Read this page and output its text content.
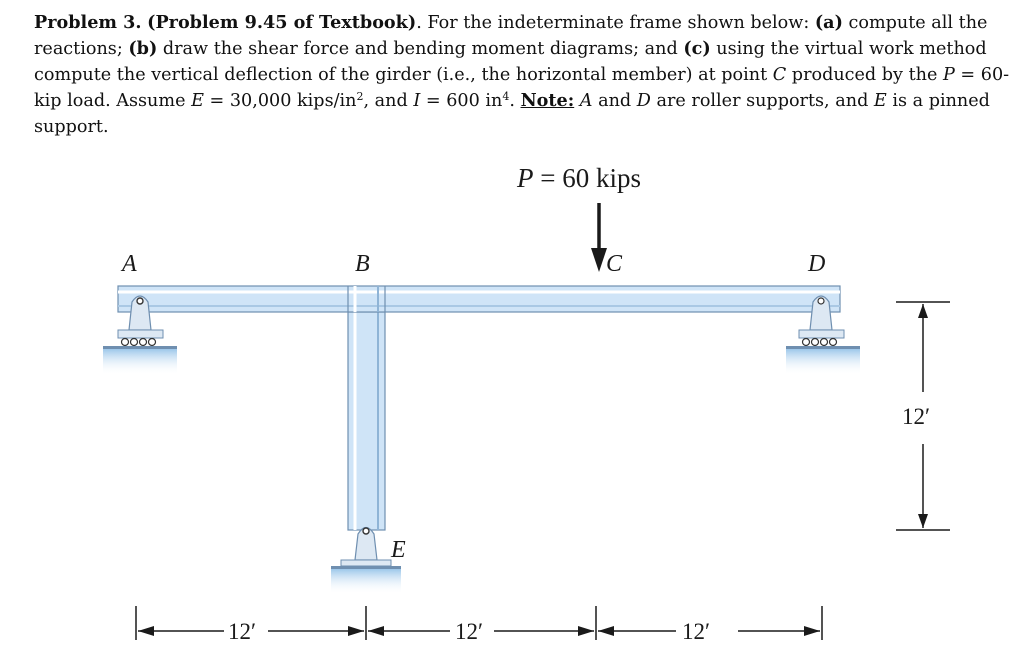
Problem 3. (Problem 9.45 of Textbook). For the indeterminate frame shown below: (a) compute all the reactions; (b) draw the shear force and bending moment diagrams; and (c) using the virtual work method compute the vertical deflection of the girder (i.e., the horizontal member) at point C produced by the P = 60-kip load. Assume E = 30,000 kips/$in^2$, and I = 600 $in^4$. Note: A and D are roller supports, and E is a pinned support.
P = 60 kips
A	B	C	D
E
12′
12′	12′	12′
